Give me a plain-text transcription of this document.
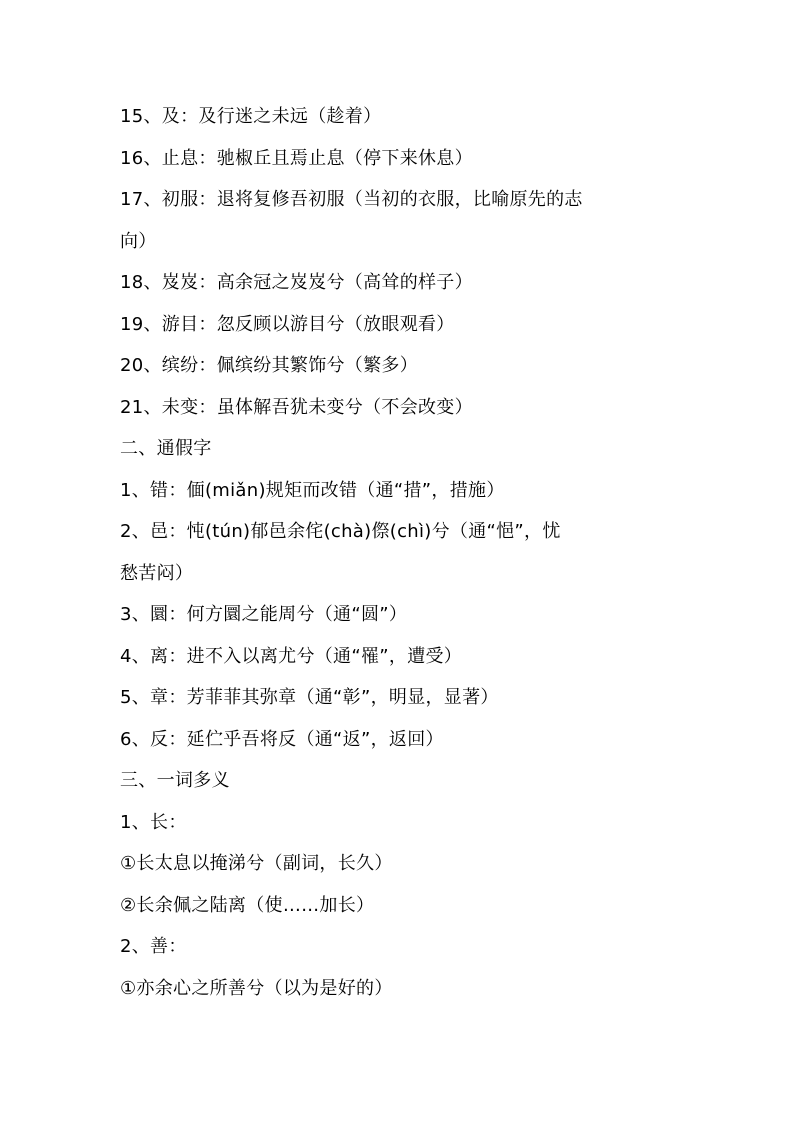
15、及：及行迷之未远（趁着）
16、止息：驰椒丘且焉止息（停下来休息）
17、初服：退将复修吾初服（当初的衣服，比喻原先的志
向）
18、岌岌：高余冠之岌岌兮（高耸的样子）
19、游目：忽反顾以游目兮（放眼观看）
20、缤纷：佩缤纷其繁饰兮（繁多）
21、未变：虽体解吾犹未变兮（不会改变）
二、通假字
1、错：偭(miǎn)规矩而改错（通“措”，措施）
2、邑：忳(tún)郁邑余侘(chà)傺(chì)兮（通“悒”，忧
愁苦闷）
3、圜：何方圜之能周兮（通“圆”）
4、离：进不入以离尤兮（通“罹”，遭受）
5、章：芳菲菲其弥章（通“彰”，明显，显著）
6、反：延伫乎吾将反（通“返”，返回）
三、一词多义
1、长：
①长太息以掩涕兮（副词，长久）
②长余佩之陆离（使……加长）
2、善：
①亦余心之所善兮（以为是好的）
